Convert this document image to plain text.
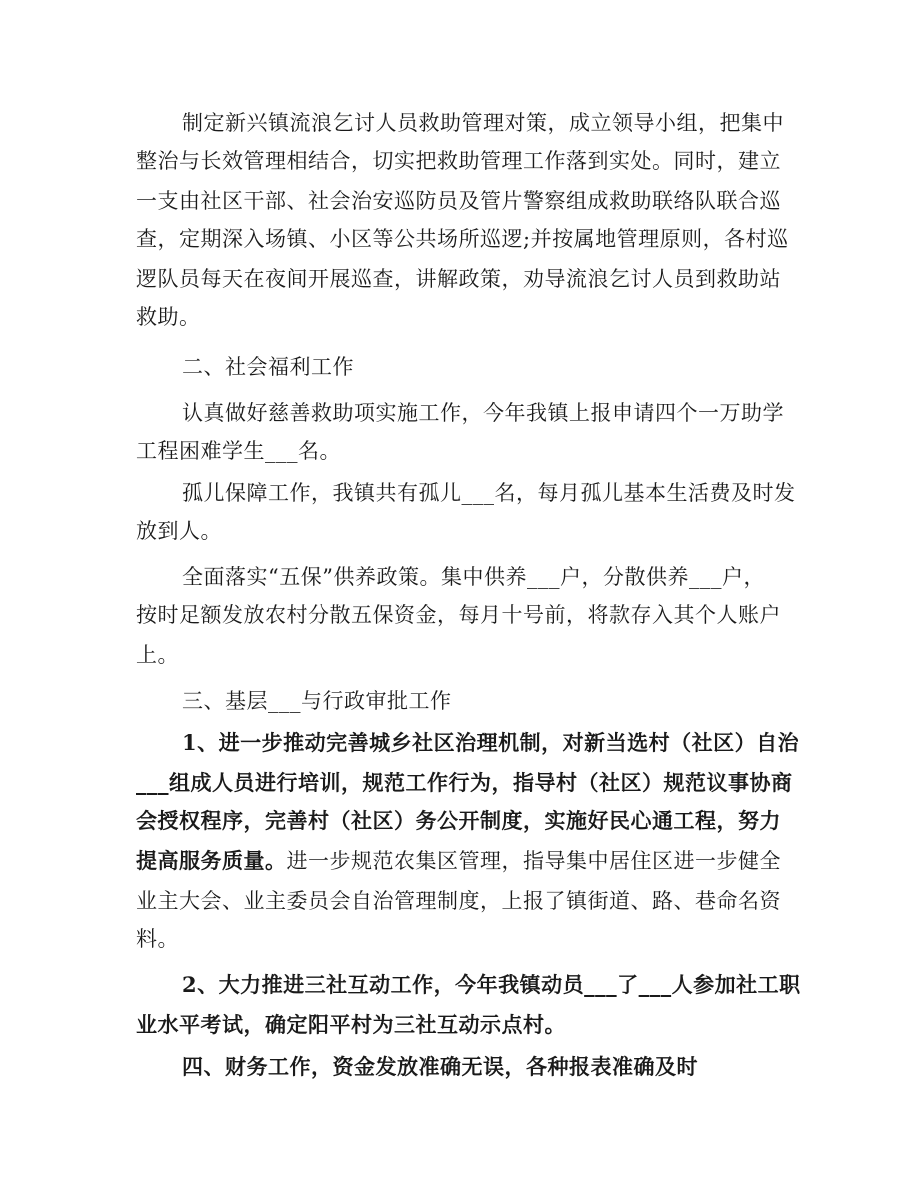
制定新兴镇流浪乞讨人员救助管理对策，成立领导小组，把集中
整治与长效管理相结合，切实把救助管理工作落到实处。同时，建立
一支由社区干部、社会治安巡防员及管片警察组成救助联络队联合巡
查，定期深入场镇、小区等公共场所巡逻;并按属地管理原则，各村巡
逻队员每天在夜间开展巡查，讲解政策，劝导流浪乞讨人员到救助站
救助。
二、社会福利工作
认真做好慈善救助项实施工作，今年我镇上报申请四个一万助学
工程困难学生___名。
孤儿保障工作，我镇共有孤儿___名，每月孤儿基本生活费及时发
放到人。
全面落实“五保”供养政策。集中供养___户，分散供养___户，
按时足额发放农村分散五保资金，每月十号前，将款存入其个人账户
上。
三、基层___与行政审批工作
1、进一步推动完善城乡社区治理机制，对新当选村（社区）自治
___组成人员进行培训，规范工作行为，指导村（社区）规范议事协商
会授权程序，完善村（社区）务公开制度，实施好民心通工程，努力
提高服务质量。进一步规范农集区管理，指导集中居住区进一步健全
业主大会、业主委员会自治管理制度，上报了镇街道、路、巷命名资
料。
2、大力推进三社互动工作，今年我镇动员___了___人参加社工职
业水平考试，确定阳平村为三社互动示点村。
四、财务工作，资金发放准确无误，各种报表准确及时
